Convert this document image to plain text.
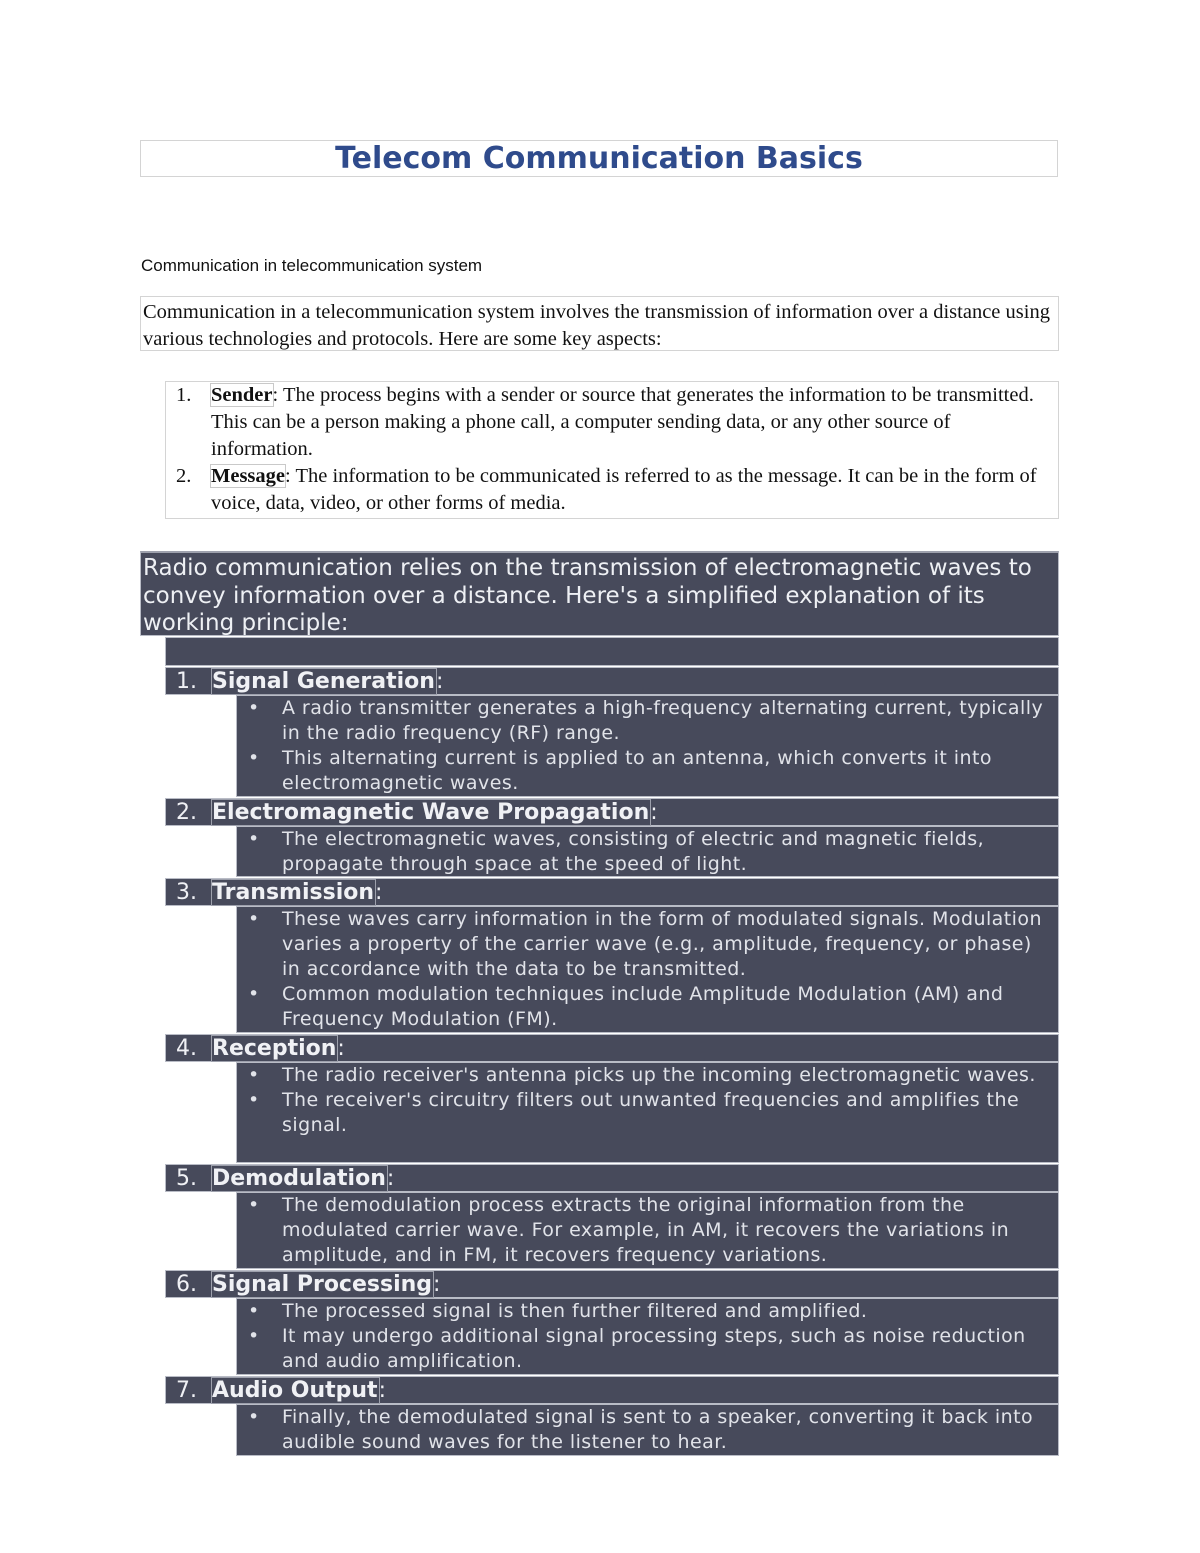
Telecom Communication Basics
Communication in telecommunication system
Communication in a telecommunication system involves the transmission of information over a distance using various technologies and protocols. Here are some key aspects:
1. Sender: The process begins with a sender or source that generates the information to be transmitted. This can be a person making a phone call, a computer sending data, or any other source of information.
2. Message: The information to be communicated is referred to as the message. It can be in the form of voice, data, video, or other forms of media.
Radio communication relies on the transmission of electromagnetic waves to convey information over a distance. Here's a simplified explanation of its working principle:
1. Signal Generation:
• A radio transmitter generates a high-frequency alternating current, typically in the radio frequency (RF) range.
• This alternating current is applied to an antenna, which converts it into electromagnetic waves.
2. Electromagnetic Wave Propagation:
• The electromagnetic waves, consisting of electric and magnetic fields, propagate through space at the speed of light.
3. Transmission:
• These waves carry information in the form of modulated signals. Modulation varies a property of the carrier wave (e.g., amplitude, frequency, or phase) in accordance with the data to be transmitted.
• Common modulation techniques include Amplitude Modulation (AM) and Frequency Modulation (FM).
4. Reception:
• The radio receiver's antenna picks up the incoming electromagnetic waves.
• The receiver's circuitry filters out unwanted frequencies and amplifies the signal.
5. Demodulation:
• The demodulation process extracts the original information from the modulated carrier wave. For example, in AM, it recovers the variations in amplitude, and in FM, it recovers frequency variations.
6. Signal Processing:
• The processed signal is then further filtered and amplified.
• It may undergo additional signal processing steps, such as noise reduction and audio amplification.
7. Audio Output:
• Finally, the demodulated signal is sent to a speaker, converting it back into audible sound waves for the listener to hear.
